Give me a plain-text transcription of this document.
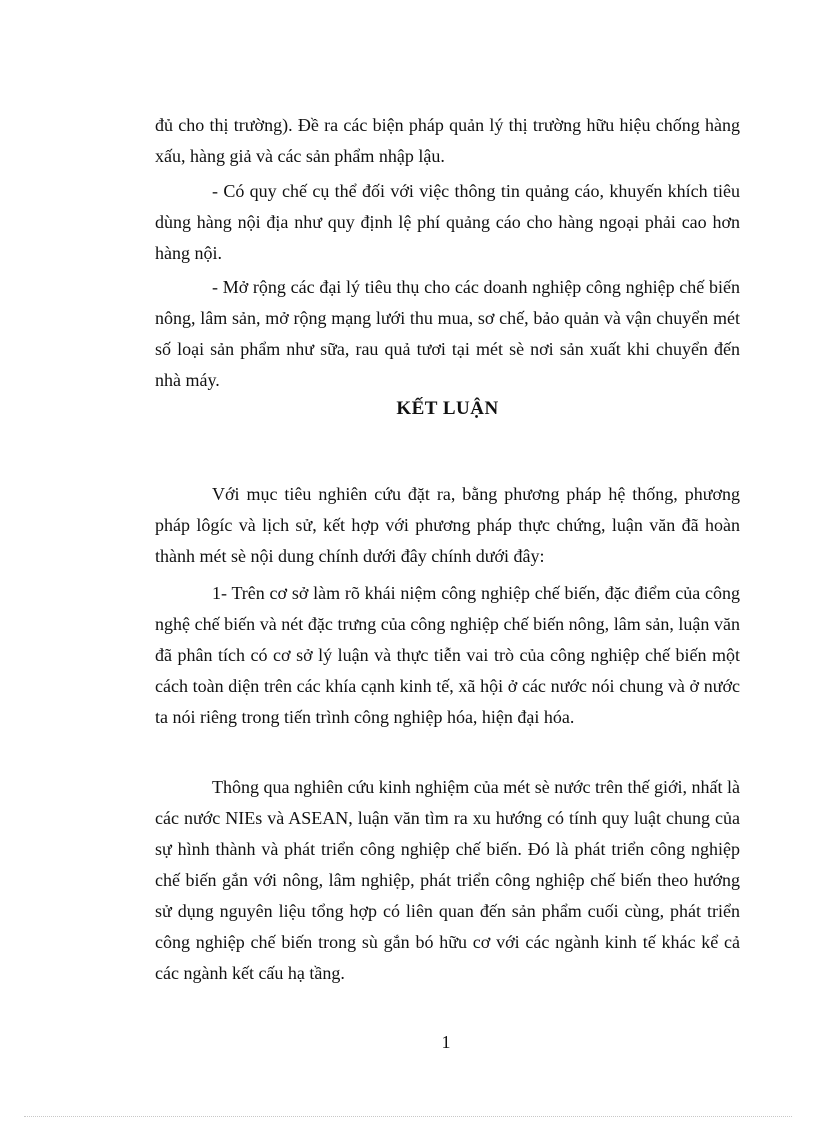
đủ cho thị trường). Đề ra các biện pháp quản lý thị trường hữu hiệu chống hàng xấu, hàng giả và các sản phẩm nhập lậu.

- Có quy chế cụ thể đối với việc thông tin quảng cáo, khuyến khích tiêu dùng hàng nội địa như quy định lệ phí quảng cáo cho hàng ngoại phải cao hơn hàng nội.

- Mở rộng các đại lý tiêu thụ cho các doanh nghiệp công nghiệp chế biến nông, lâm sản, mở rộng mạng lưới thu mua, sơ chế, bảo quản và vận chuyển mét số loại sản phẩm như sữa, rau quả tươi tại mét sè nơi sản xuất khi chuyển đến nhà máy.

KẾT LUẬN

Với mục tiêu nghiên cứu đặt ra, bằng phương pháp hệ thống, phương pháp lôgíc và lịch sử, kết hợp với phương pháp thực chứng, luận văn đã hoàn thành mét sè nội dung chính dưới đây chính dưới đây:

1- Trên cơ sở làm rõ khái niệm công nghiệp chế biến, đặc điểm của công nghệ chế biến và nét đặc trưng của công nghiệp chế biến nông, lâm sản, luận văn đã phân tích có cơ sở lý luận và thực tiễn vai trò của công nghiệp chế biến một cách toàn diện trên các khía cạnh kinh tế, xã hội ở các nước nói chung và ở nước ta nói riêng trong tiến trình công nghiệp hóa, hiện đại hóa.

Thông qua nghiên cứu kinh nghiệm của mét sè nước trên thế giới, nhất là các nước NIEs và ASEAN, luận văn tìm ra xu hướng có tính quy luật chung của sự hình thành và phát triển công nghiệp chế biến. Đó là phát triển công nghiệp chế biến gắn với nông, lâm nghiệp, phát triển công nghiệp chế biến theo hướng sử dụng nguyên liệu tổng hợp có liên quan đến sản phẩm cuối cùng, phát triển công nghiệp chế biến trong sù gắn bó hữu cơ với các ngành kinh tế khác kể cả các ngành kết cấu hạ tầng.

1
